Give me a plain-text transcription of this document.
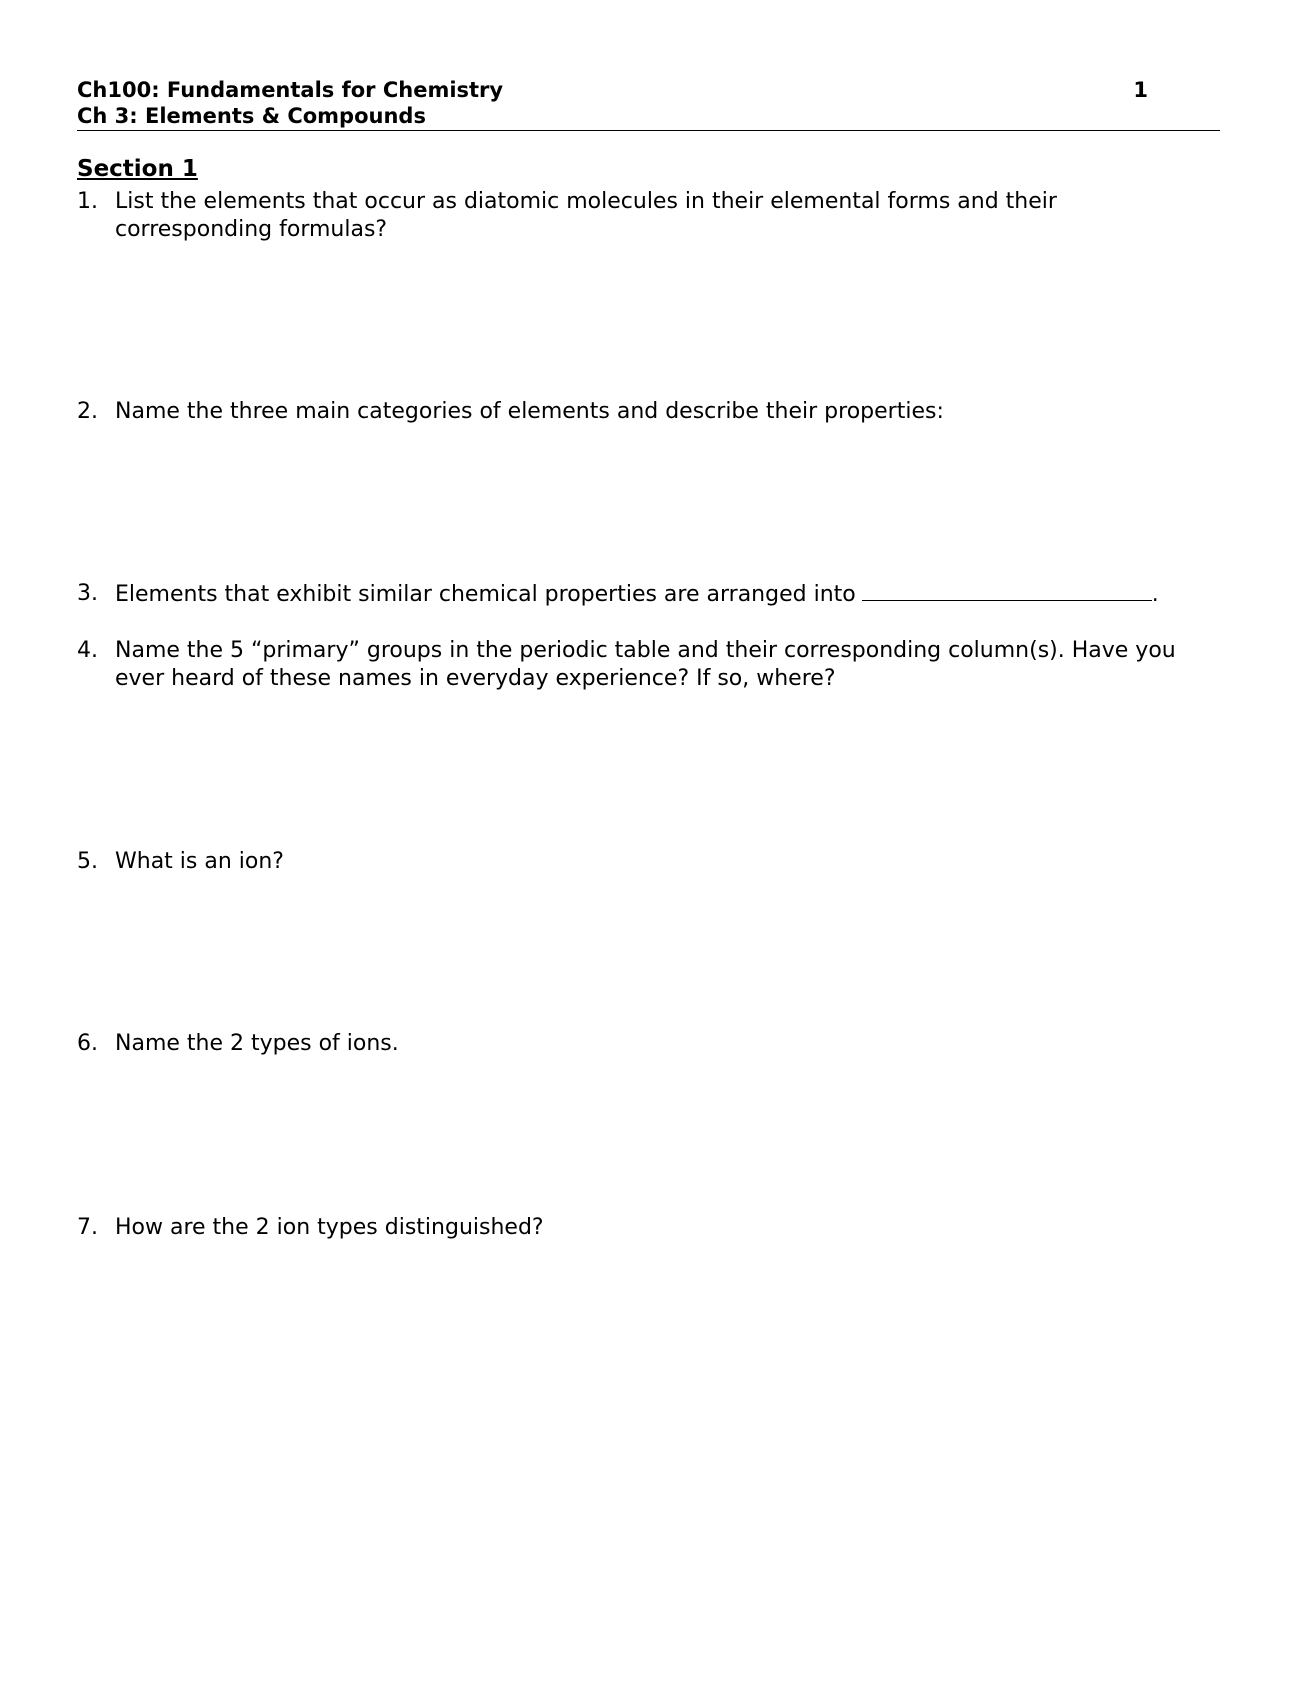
Ch100: Fundamentals for Chemistry
Ch 3: Elements & Compounds
1
Section 1
1. List the elements that occur as diatomic molecules in their elemental forms and their corresponding formulas?
2. Name the three main categories of elements and describe their properties:
3. Elements that exhibit similar chemical properties are arranged into	.
4. Name the 5 “primary” groups in the periodic table and their corresponding column(s). Have you ever heard of these names in everyday experience? If so, where?
5. What is an ion?
6. Name the 2 types of ions.
7. How are the 2 ion types distinguished?
